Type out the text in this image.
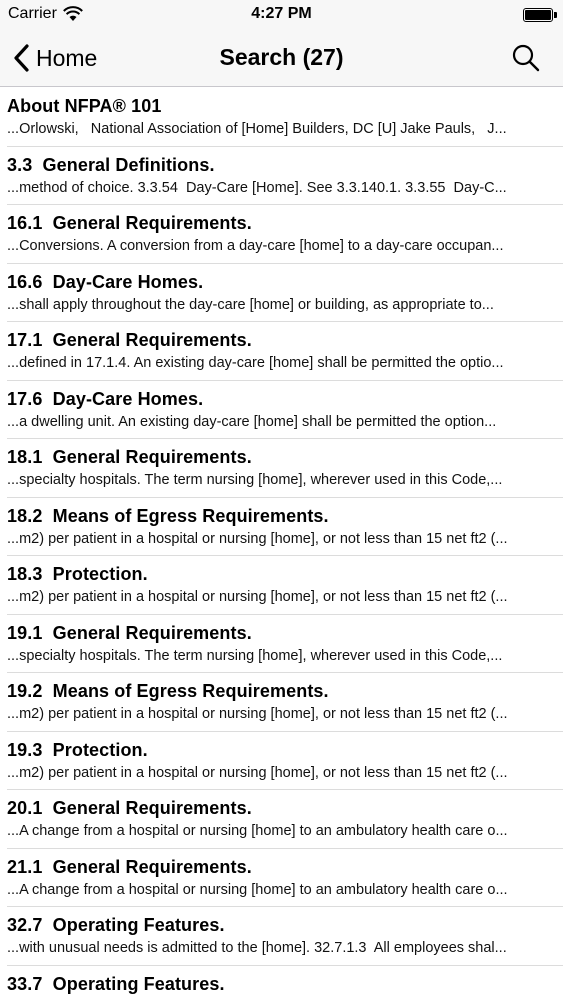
Carrier	4:27 PM
Home	Search (27)
About NFPA® 101
...Orlowski,   National Association of [Home] Builders, DC [U] Jake Pauls,   J...
3.3  General Definitions.
...method of choice. 3.3.54  Day-Care [Home]. See 3.3.140.1. 3.3.55  Day-C...
16.1  General Requirements.
...Conversions. A conversion from a day-care [home] to a day-care occupan...
16.6  Day-Care Homes.
...shall apply throughout the day-care [home] or building, as appropriate to...
17.1  General Requirements.
...defined in 17.1.4. An existing day-care [home] shall be permitted the optio...
17.6  Day-Care Homes.
...a dwelling unit. An existing day-care [home] shall be permitted the option...
18.1  General Requirements.
...specialty hospitals. The term nursing [home], wherever used in this Code,...
18.2  Means of Egress Requirements.
...m2) per patient in a hospital or nursing [home], or not less than 15 net ft2 (...
18.3  Protection.
...m2) per patient in a hospital or nursing [home], or not less than 15 net ft2 (...
19.1  General Requirements.
...specialty hospitals. The term nursing [home], wherever used in this Code,...
19.2  Means of Egress Requirements.
...m2) per patient in a hospital or nursing [home], or not less than 15 net ft2 (...
19.3  Protection.
...m2) per patient in a hospital or nursing [home], or not less than 15 net ft2 (...
20.1  General Requirements.
...A change from a hospital or nursing [home] to an ambulatory health care o...
21.1  General Requirements.
...A change from a hospital or nursing [home] to an ambulatory health care o...
32.7  Operating Features.
...with unusual needs is admitted to the [home]. 32.7.1.3  All employees shal...
33.7  Operating Features.
